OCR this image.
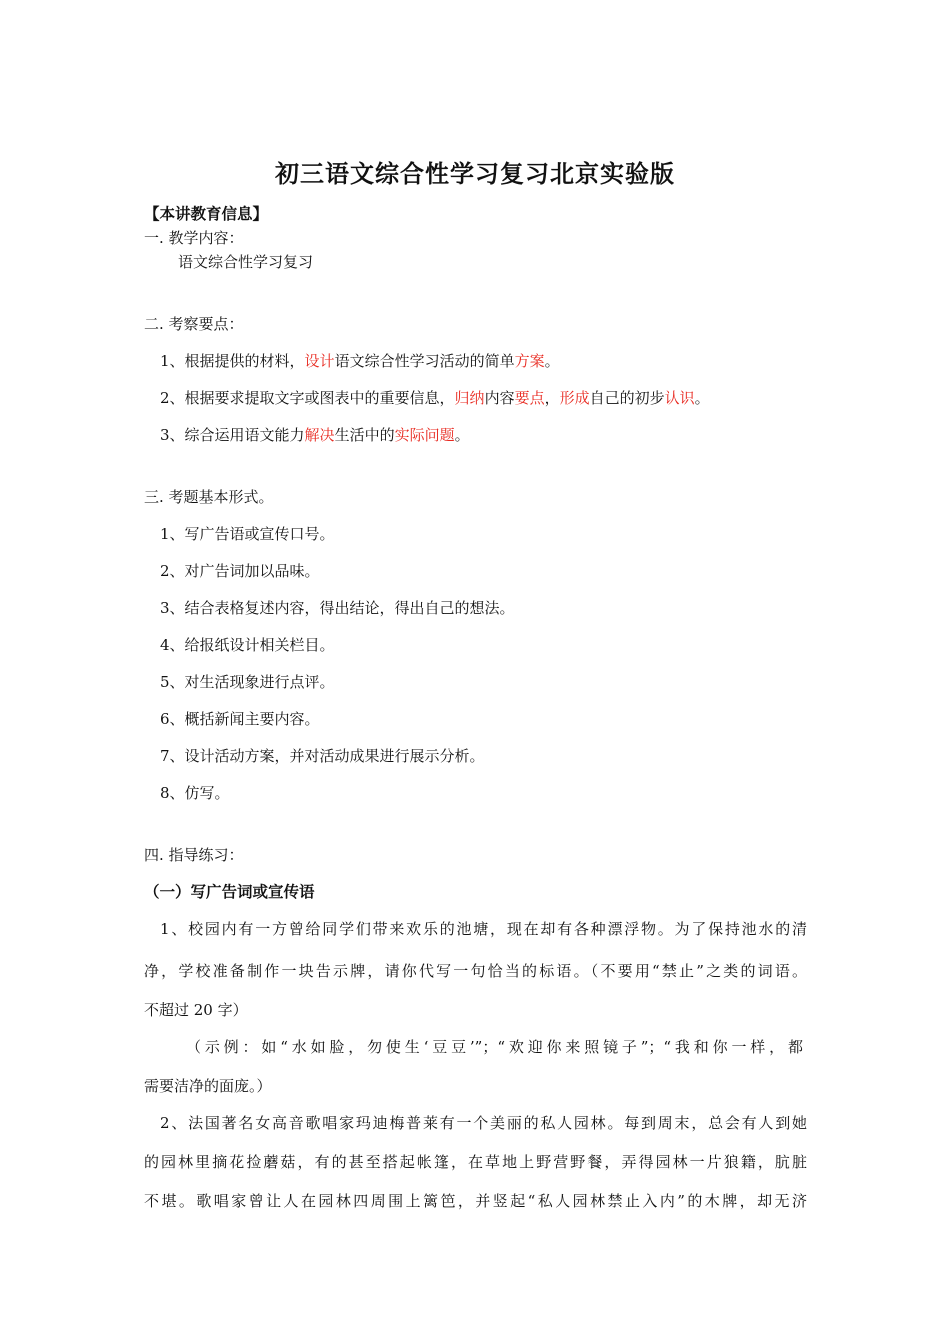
初三语文综合性学习复习北京实验版
【本讲教育信息】
一. 教学内容：
语文综合性学习复习
二. 考察要点：
1、根据提供的材料，设计语文综合性学习活动的简单方案。
2、根据要求提取文字或图表中的重要信息，归纳内容要点，形成自己的初步认识。
3、综合运用语文能力解决生活中的实际问题。
三. 考题基本形式。
1、写广告语或宣传口号。
2、对广告词加以品味。
3、结合表格复述内容，得出结论，得出自己的想法。
4、给报纸设计相关栏目。
5、对生活现象进行点评。
6、概括新闻主要内容。
7、设计活动方案，并对活动成果进行展示分析。
8、仿写。
四. 指导练习：
（一）写广告词或宣传语
1、校园内有一方曾给同学们带来欢乐的池塘，现在却有各种漂浮物。为了保持池水的清
净，学校准备制作一块告示牌，请你代写一句恰当的标语。（不要用“禁止”之类的词语。
不超过 20 字）
（示例：如“水如脸，勿使生‘豆豆’”；“欢迎你来照镜子”；“我和你一样，都
需要洁净的面庞。）
2、法国著名女高音歌唱家玛迪梅普莱有一个美丽的私人园林。每到周末，总会有人到她
的园林里摘花捡蘑菇，有的甚至搭起帐篷，在草地上野营野餐，弄得园林一片狼籍，肮脏
不堪。歌唱家曾让人在园林四周围上篱笆，并竖起“私人园林禁止入内”的木牌，却无济
